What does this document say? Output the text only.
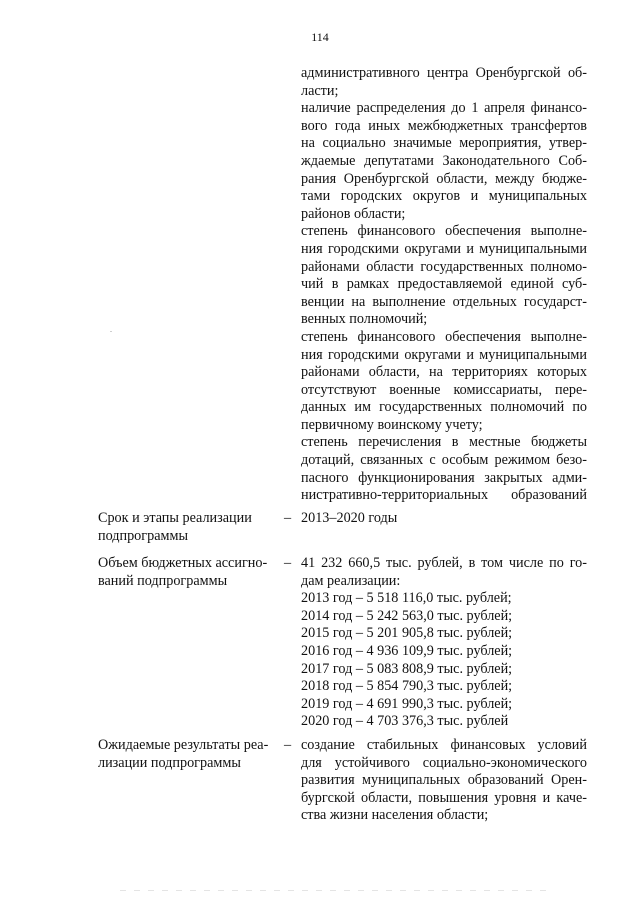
114
административного центра Оренбургской об-
ласти;
наличие распределения до 1 апреля финансо-
вого года иных межбюджетных трансфертов
на социально значимые мероприятия, утвер-
ждаемые депутатами Законодательного Соб-
рания Оренбургской области, между бюдже-
тами городских округов и муниципальных
районов области;
степень финансового обеспечения выполне-
ния городскими округами и муниципальными
районами области государственных полномо-
чий в рамках предоставляемой единой суб-
венции на выполнение отдельных государст-
венных полномочий;
степень финансового обеспечения выполне-
ния городскими округами и муниципальными
районами области, на территориях которых
отсутствуют военные комиссариаты, пере-
данных им государственных полномочий по
первичному воинскому учету;
степень перечисления в местные бюджеты
дотаций, связанных с особым режимом безо-
пасного функционирования закрытых адми-
нистративно-территориальных образований
Срок и этапы реализации
подпрограммы
– 2013–2020 годы
Объем бюджетных ассигно-
ваний подпрограммы
– 41 232 660,5 тыс. рублей, в том числе по го-
дам реализации:
2013 год – 5 518 116,0 тыс. рублей;
2014 год – 5 242 563,0 тыс. рублей;
2015 год – 5 201 905,8 тыс. рублей;
2016 год – 4 936 109,9 тыс. рублей;
2017 год – 5 083 808,9 тыс. рублей;
2018 год – 5 854 790,3 тыс. рублей;
2019 год – 4 691 990,3 тыс. рублей;
2020 год – 4 703 376,3 тыс. рублей
Ожидаемые результаты реа-
лизации подпрограммы
– создание стабильных финансовых условий
для устойчивого социально-экономического
развития муниципальных образований Орен-
бургской области, повышения уровня и каче-
ства жизни населения области;
